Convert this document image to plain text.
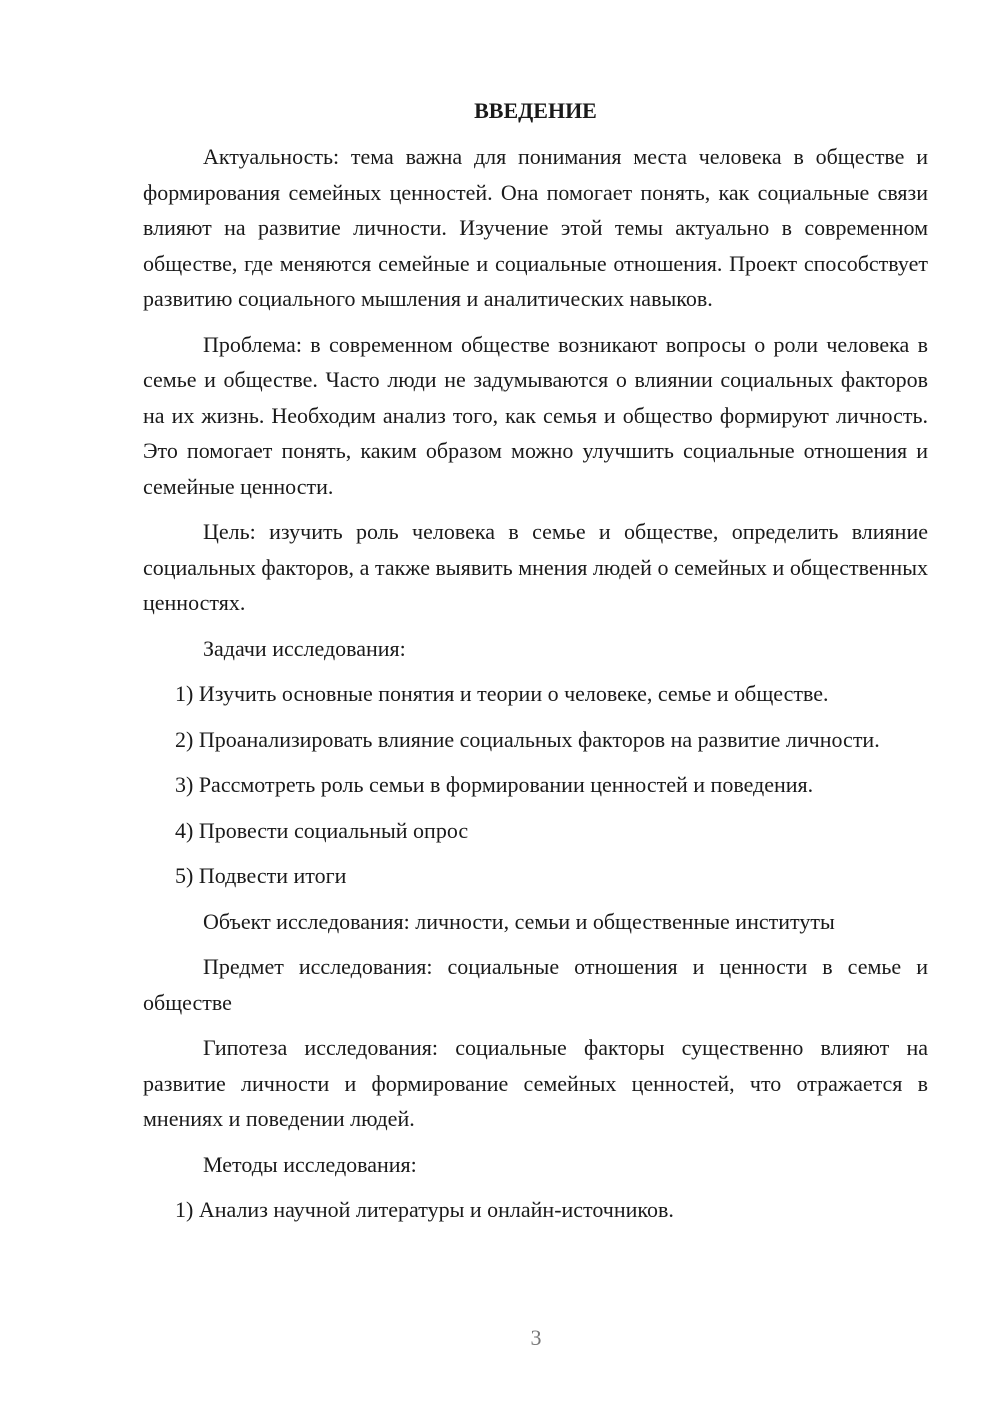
ВВЕДЕНИЕ

Актуальность: тема важна для понимания места человека в обществе и формирования семейных ценностей. Она помогает понять, как социальные связи влияют на развитие личности. Изучение этой темы актуально в современном обществе, где меняются семейные и социальные отношения. Проект способствует развитию социального мышления и аналитических навыков.

Проблема: в современном обществе возникают вопросы о роли человека в семье и обществе. Часто люди не задумываются о влиянии социальных факторов на их жизнь. Необходим анализ того, как семья и общество формируют личность. Это помогает понять, каким образом можно улучшить социальные отношения и семейные ценности.

Цель: изучить роль человека в семье и обществе, определить влияние социальных факторов, а также выявить мнения людей о семейных и общественных ценностях.

Задачи исследования:

1) Изучить основные понятия и теории о человеке, семье и обществе.

2) Проанализировать влияние социальных факторов на развитие личности.

3) Рассмотреть роль семьи в формировании ценностей и поведения.

4) Провести социальный опрос

5) Подвести итоги

Объект исследования: личности, семьи и общественные институты

Предмет исследования: социальные отношения и ценности в семье и обществе

Гипотеза исследования: социальные факторы существенно влияют на развитие личности и формирование семейных ценностей, что отражается в мнениях и поведении людей.

Методы исследования:

1) Анализ научной литературы и онлайн-источников.

3
